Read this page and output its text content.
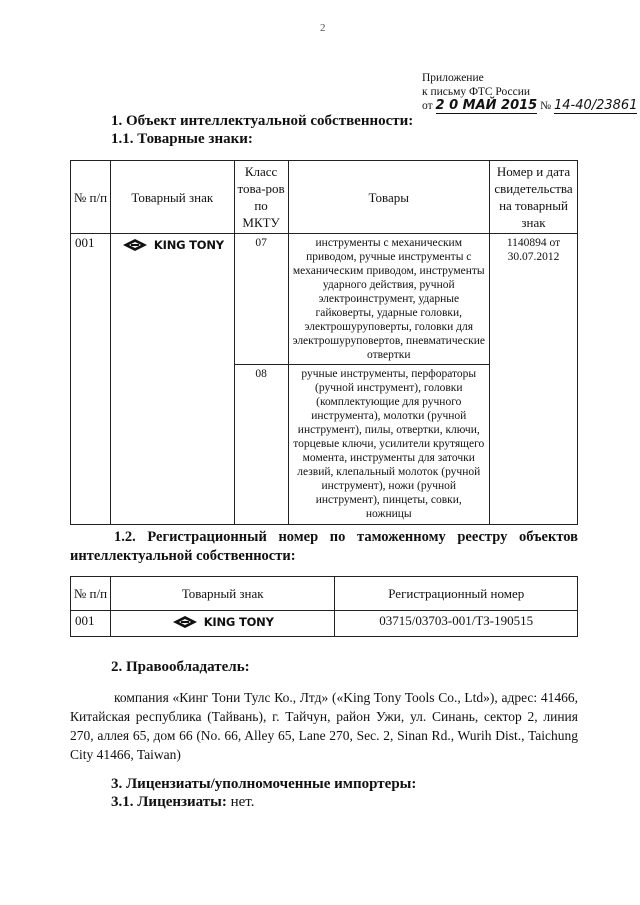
2
Приложение
к письму ФТС России
от 2 0 МАЙ 2015 № 14-40/23861
1. Объект интеллектуальной собственности:
1.1. Товарные знаки:
№ п/п	Товарный знак	Класс това-ров по МКТУ	Товары	Номер и дата свидетельства на товарный знак
001	KING TONY	07	инструменты с механическим приводом, ручные инструменты с механическим приводом, инструменты ударного действия, ручной электроинструмент, ударные гайковерты, ударные головки, электрошуруповерты, головки для электрошуруповертов, пневматические отвертки	1140894 от 30.07.2012
		08	ручные инструменты, перфораторы (ручной инструмент), головки (комплектующие для ручного инструмента), молотки (ручной инструмент), пилы, отвертки, ключи, торцевые ключи, усилители крутящего момента, инструменты для заточки лезвий, клепальный молоток (ручной инструмент), ножи (ручной инструмент), пинцеты, совки, ножницы	
1.2. Регистрационный номер по таможенному реестру объектов интеллектуальной собственности:
№ п/п	Товарный знак	Регистрационный номер
001	KING TONY	03715/03703-001/ТЗ-190515
2. Правообладатель:
компания «Кинг Тони Тулс Ко., Лтд» («King Tony Tools Co., Ltd»), адрес: 41466, Китайская республика (Тайвань), г. Тайчун, район Ужи, ул. Синань, сектор 2, линия 270, аллея 65, дом 66 (No. 66, Alley 65, Lane 270, Sec. 2, Sinan Rd., Wurih Dist., Taichung City 41466, Taiwan)
3. Лицензиаты/уполномоченные импортеры:
3.1. Лицензиаты: нет.
